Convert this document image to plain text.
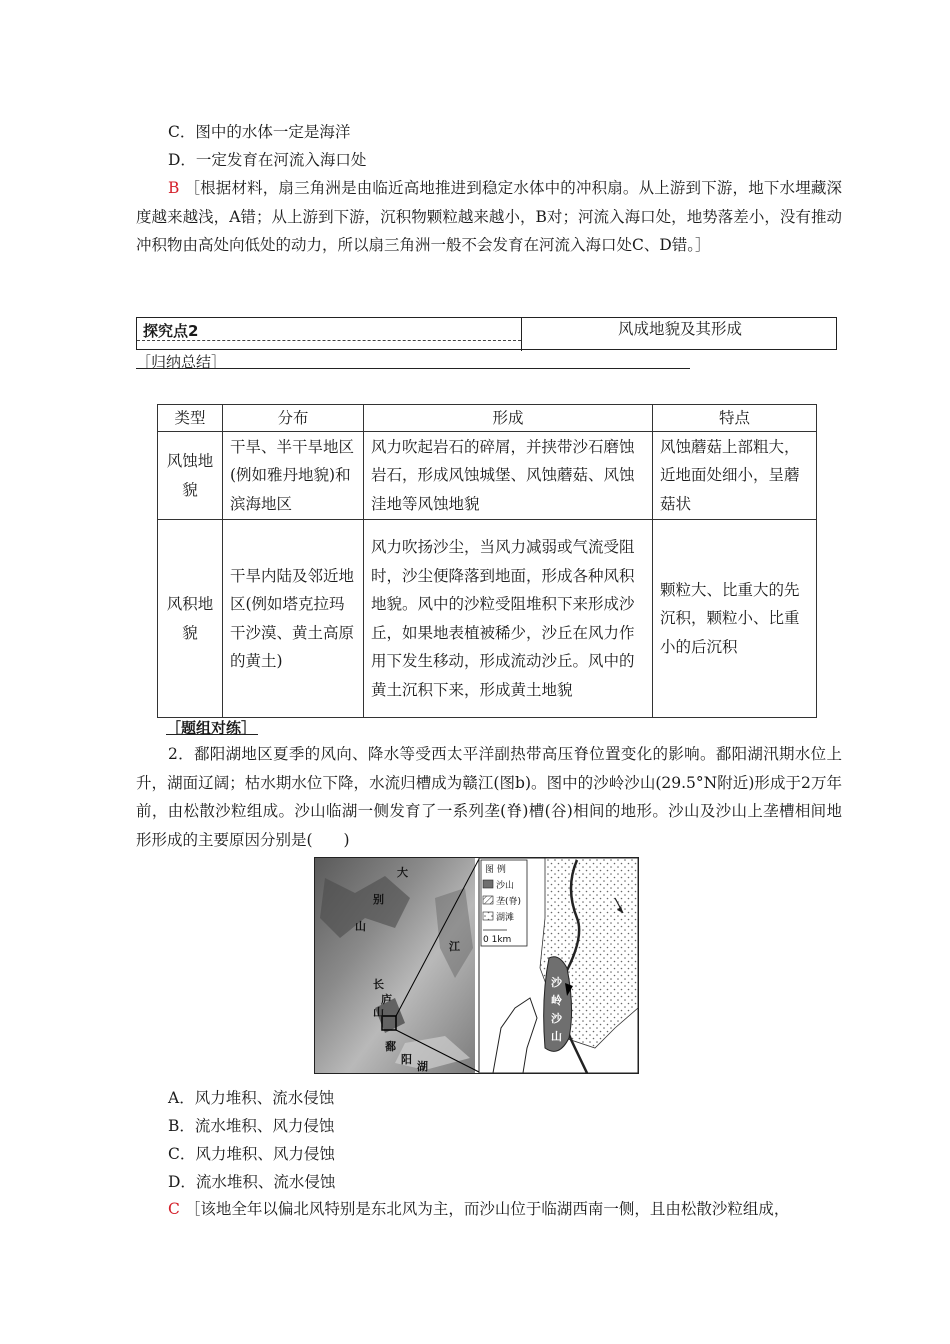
C．图中的水体一定是海洋
D．一定发育在河流入海口处
B ［根据材料，扇三角洲是由临近高地推进到稳定水体中的冲积扇。从上游到下游，地下水埋藏深度越来越浅，A错；从上游到下游，沉积物颗粒越来越小，B对；河流入海口处，地势落差小，没有推动冲积物由高处向低处的动力，所以扇三角洲一般不会发育在河流入海口处C、D错。］
探究点2	风成地貌及其形成
［归纳总结］
类型	分布	形成	特点
风蚀地貌	干旱、半干旱地区(例如雅丹地貌)和滨海地区	风力吹起岩石的碎屑，并挟带沙石磨蚀岩石，形成风蚀城堡、风蚀蘑菇、风蚀洼地等风蚀地貌	风蚀蘑菇上部粗大，近地面处细小，呈蘑菇状
风积地貌	干旱内陆及邻近地区(例如塔克拉玛干沙漠、黄土高原的黄土)	风力吹扬沙尘，当风力减弱或气流受阻时，沙尘便降落到地面，形成各种风积地貌。风中的沙粒受阻堆积下来形成沙丘，如果地表植被稀少，沙丘在风力作用下发生移动，形成流动沙丘。风中的黄土沉积下来，形成黄土地貌	颗粒大、比重大的先沉积，颗粒小、比重小的后沉积
［题组对练］
2．鄱阳湖地区夏季的风向、降水等受西太平洋副热带高压脊位置变化的影响。鄱阳湖汛期水位上升，湖面辽阔；枯水期水位下降，水流归槽成为赣江(图b)。图中的沙岭沙山(29.5°N附近)形成于2万年前，由松散沙粒组成。沙山临湖一侧发育了一系列垄(脊)槽(谷)相间的地形。沙山及沙山上垄槽相间地形形成的主要原因分别是(　　)
大
别
山
江
长
庐
山
鄱
阳
湖
沙
岭
沙
山
图 例
沙山
垄(脊)
湖滩
0 1km
A．风力堆积、流水侵蚀
B．流水堆积、风力侵蚀
C．风力堆积、风力侵蚀
D．流水堆积、流水侵蚀
C ［该地全年以偏北风特别是东北风为主，而沙山位于临湖西南一侧，且由松散沙粒组成，
